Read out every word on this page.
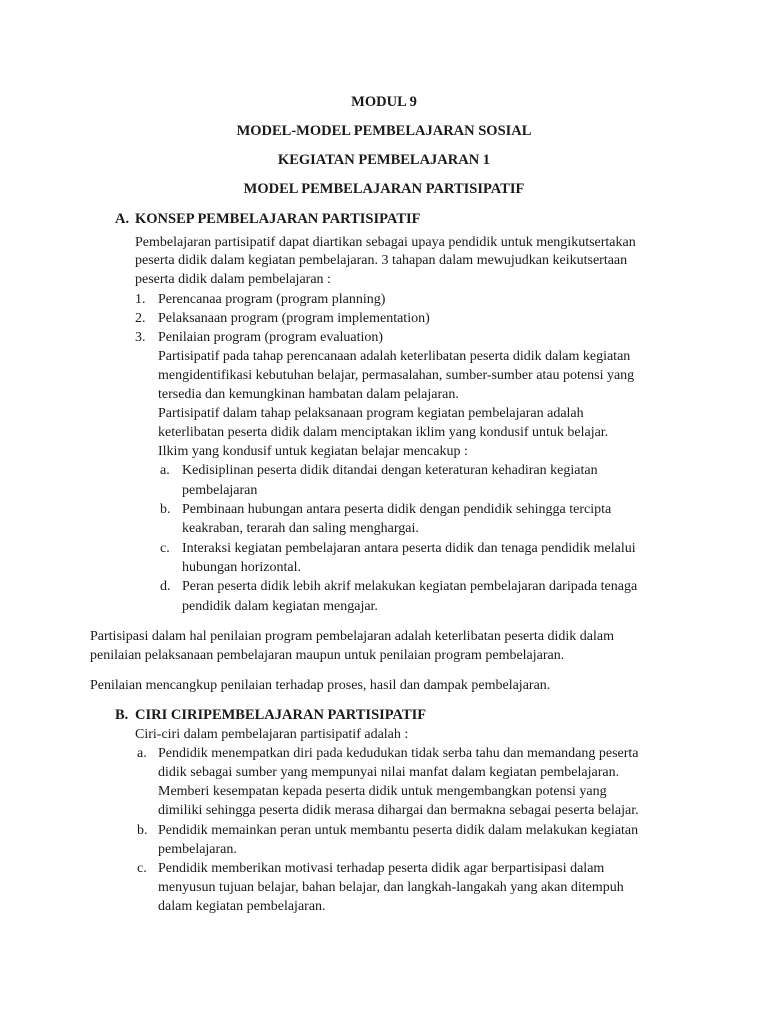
MODUL 9
MODEL-MODEL PEMBELAJARAN SOSIAL
KEGIATAN PEMBELAJARAN 1
MODEL PEMBELAJARAN PARTISIPATIF
A. KONSEP PEMBELAJARAN PARTISIPATIF
Pembelajaran partisipatif dapat diartikan sebagai upaya pendidik untuk mengikutsertakan
peserta didik dalam kegiatan pembelajaran. 3 tahapan dalam mewujudkan keikutsertaan
peserta didik dalam pembelajaran :
1. Perencanaa program (program planning)
2. Pelaksanaan program (program implementation)
3. Penilaian program (program evaluation)
Partisipatif pada tahap perencanaan adalah keterlibatan peserta didik dalam kegiatan
mengidentifikasi kebutuhan belajar, permasalahan, sumber-sumber atau potensi yang
tersedia dan kemungkinan hambatan dalam pelajaran.
Partisipatif dalam tahap pelaksanaan program kegiatan pembelajaran adalah
keterlibatan peserta didik dalam menciptakan iklim yang kondusif untuk belajar.
Ilkim yang kondusif untuk kegiatan belajar mencakup :
a. Kedisiplinan peserta didik ditandai dengan keteraturan kehadiran kegiatan
pembelajaran
b. Pembinaan hubungan antara peserta didik dengan pendidik sehingga tercipta
keakraban, terarah dan saling menghargai.
c. Interaksi kegiatan pembelajaran antara peserta didik dan tenaga pendidik melalui
hubungan horizontal.
d. Peran peserta didik lebih akrif melakukan kegiatan pembelajaran daripada tenaga
pendidik dalam kegiatan mengajar.
Partisipasi dalam hal penilaian program pembelajaran adalah keterlibatan peserta didik dalam
penilaian pelaksanaan pembelajaran maupun untuk penilaian program pembelajaran.
Penilaian mencangkup penilaian terhadap proses, hasil dan dampak pembelajaran.
B. CIRI CIRIPEMBELAJARAN PARTISIPATIF
Ciri-ciri dalam pembelajaran partisipatif adalah :
a. Pendidik menempatkan diri pada kedudukan tidak serba tahu dan memandang peserta
didik sebagai sumber yang mempunyai nilai manfat dalam kegiatan pembelajaran.
Memberi kesempatan kepada peserta didik untuk mengembangkan potensi yang
dimiliki sehingga peserta didik merasa dihargai dan bermakna sebagai peserta belajar.
b. Pendidik memainkan peran untuk membantu peserta didik dalam melakukan kegiatan
pembelajaran.
c. Pendidik memberikan motivasi terhadap peserta didik agar berpartisipasi dalam
menyusun tujuan belajar, bahan belajar, dan langkah-langakah yang akan ditempuh
dalam kegiatan pembelajaran.
